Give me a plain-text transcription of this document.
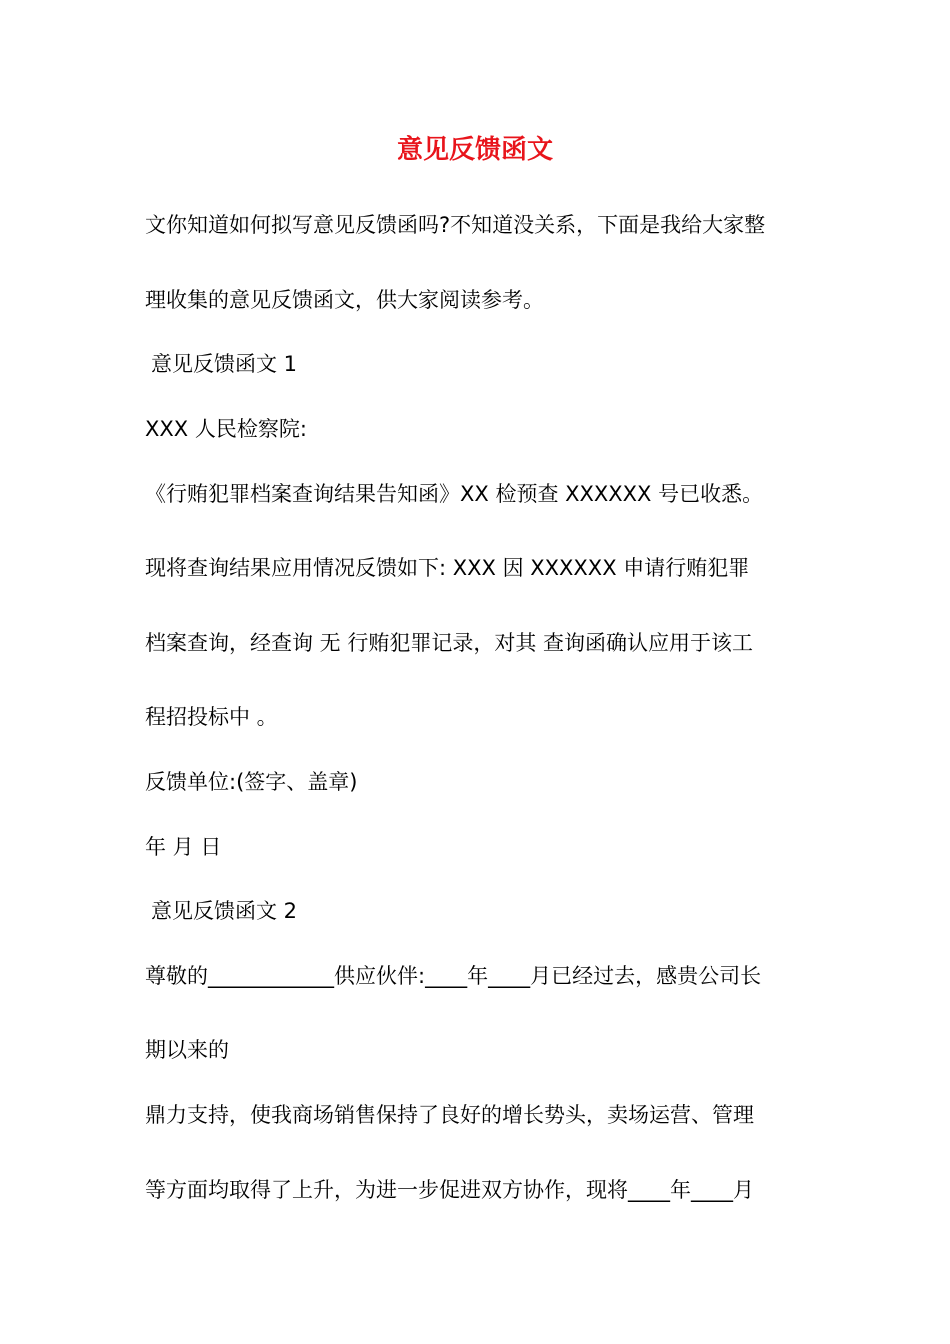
意见反馈函文
文你知道如何拟写意见反馈函吗?不知道没关系，下面是我给大家整
理收集的意见反馈函文，供大家阅读参考。
意见反馈函文 1
XXX 人民检察院:
《行贿犯罪档案查询结果告知函》XX 检预查 XXXXXX 号已收悉。
现将查询结果应用情况反馈如下: XXX 因 XXXXXX 申请行贿犯罪
档案查询，经查询 无 行贿犯罪记录，对其 查询函确认应用于该工
程招投标中 。
反馈单位:(签字、盖章)
年 月 日
意见反馈函文 2
尊敬的____________供应伙伴:____年____月已经过去，感贵公司长
期以来的
鼎力支持，使我商场销售保持了良好的增长势头，卖场运营、管理
等方面均取得了上升，为进一步促进双方协作，现将____年____月
